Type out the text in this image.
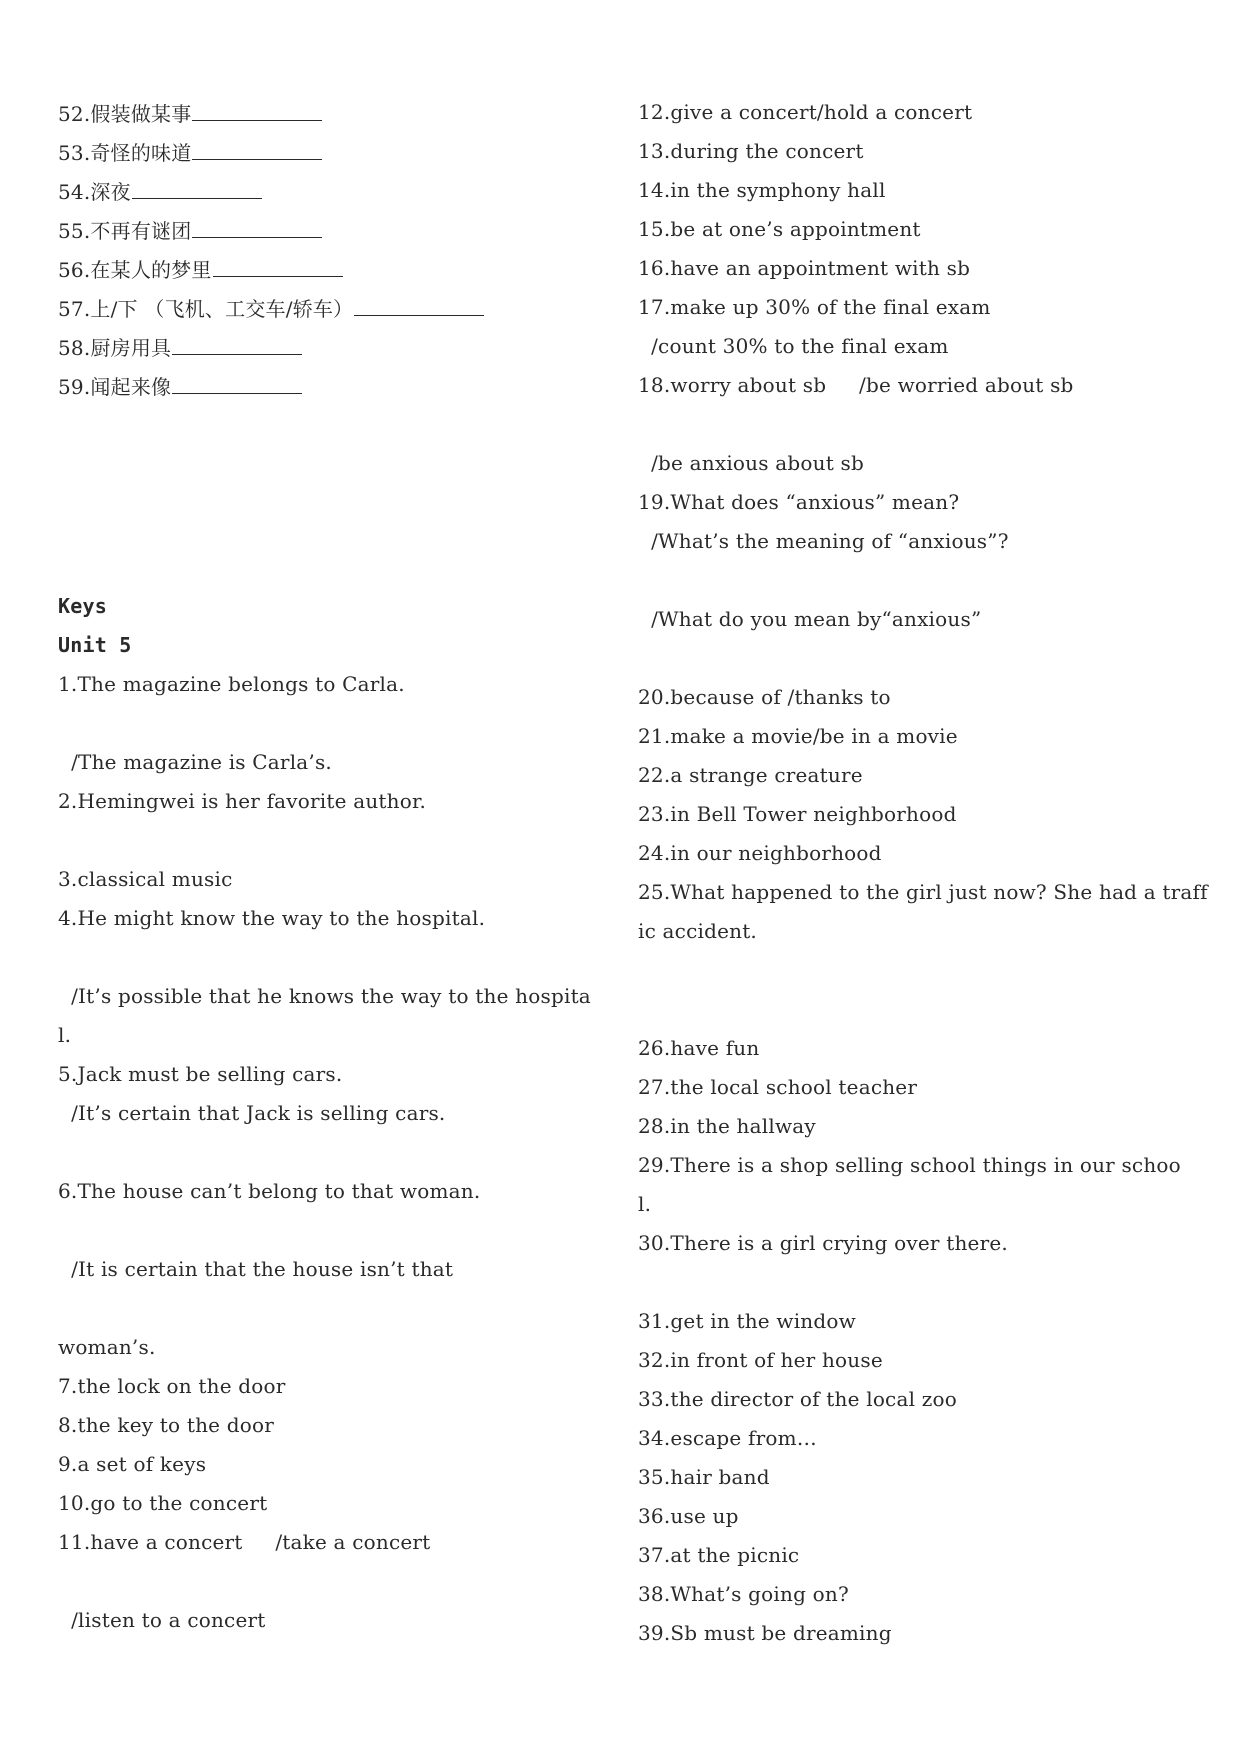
52.假装做某事
53.奇怪的味道
54.深夜
55.不再有谜团
56.在某人的梦里
57.上/下 （飞机、工交车/轿车）
58.厨房用具
59.闻起来像
Keys
Unit 5
1.The magazine belongs to Carla.
/The magazine is Carla’s.
2.Hemingwei is her favorite author.
3.classical music
4.He might know the way to the hospital.
/It’s possible that he knows the way to the hospita
l.
5.Jack must be selling cars.
/It’s certain that Jack is selling cars.
6.The house can’t belong to that woman.
/It is certain that the house isn’t that
woman’s.
7.the lock on the door
8.the key to the door
9.a set of keys
10.go to the concert
11.have a concert     /take a concert
/listen to a concert
12.give a concert/hold a concert
13.during the concert
14.in the symphony hall
15.be at one’s appointment
16.have an appointment with sb
17.make up 30% of the final exam
/count 30% to the final exam
18.worry about sb     /be worried about sb
/be anxious about sb
19.What does “anxious” mean?
/What’s the meaning of “anxious”?
/What do you mean by“anxious”
20.because of /thanks to
21.make a movie/be in a movie
22.a strange creature
23.in Bell Tower neighborhood
24.in our neighborhood
25.What happened to the girl just now? She had a traff
ic accident.
26.have fun
27.the local school teacher
28.in the hallway
29.There is a shop selling school things in our schoo
l.
30.There is a girl crying over there.
31.get in the window
32.in front of her house
33.the director of the local zoo
34.escape from…
35.hair band
36.use up
37.at the picnic
38.What’s going on?
39.Sb must be dreaming
